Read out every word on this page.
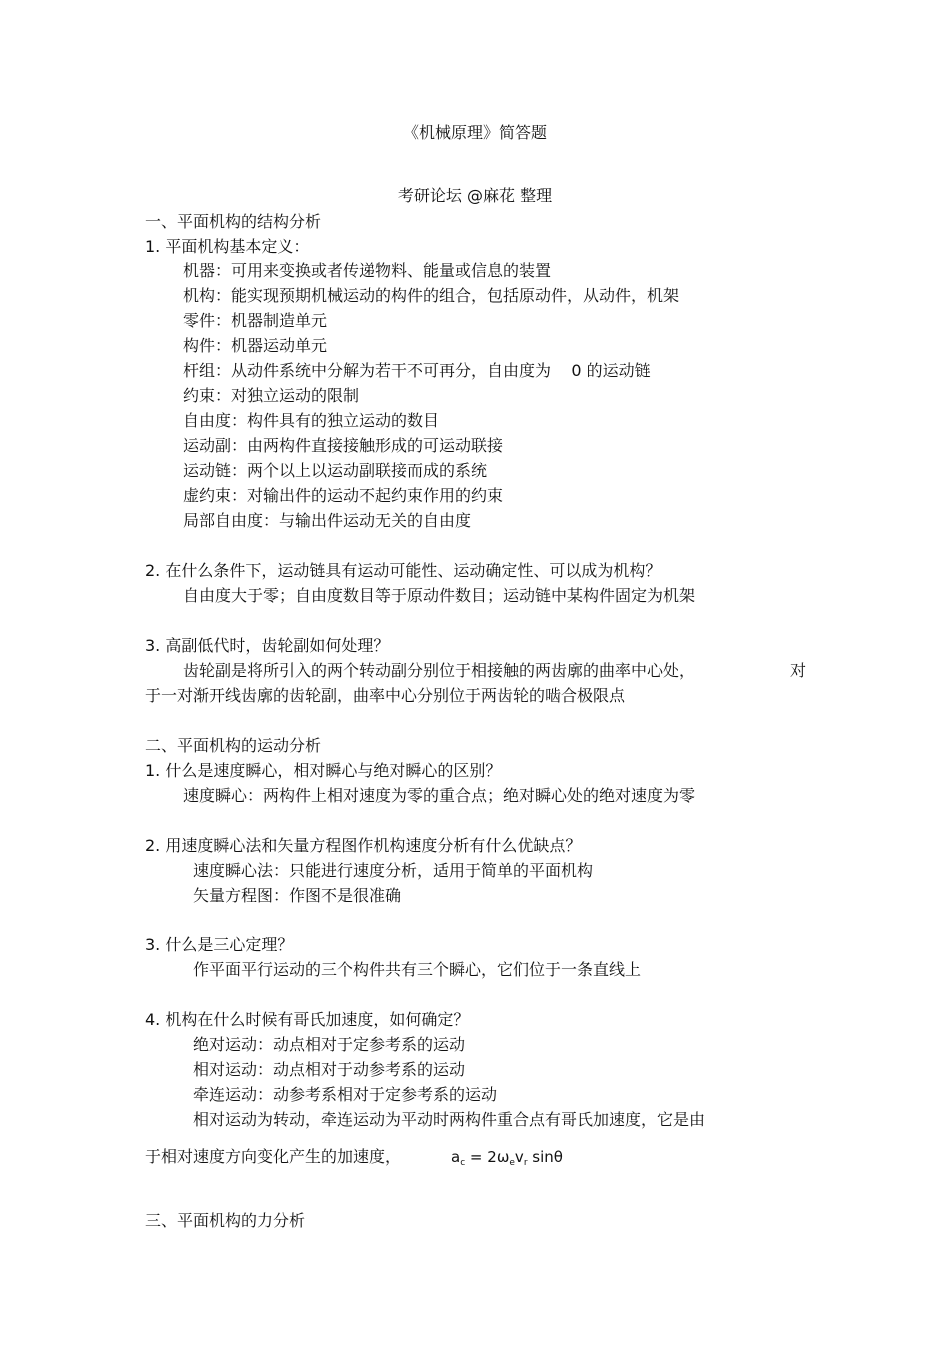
《机械原理》简答题
考研论坛 @麻花 整理
一、平面机构的结构分析
1. 平面机构基本定义：
机器：可用来变换或者传递物料、能量或信息的装置
机构：能实现预期机械运动的构件的组合，包括原动件，从动件，机架
零件：机器制造单元
构件：机器运动单元
杆组：从动件系统中分解为若干不可再分，自由度为    0 的运动链
约束：对独立运动的限制
自由度：构件具有的独立运动的数目
运动副：由两构件直接接触形成的可运动联接
运动链：两个以上以运动副联接而成的系统
虚约束：对输出件的运动不起约束作用的约束
局部自由度：与输出件运动无关的自由度
2. 在什么条件下，运动链具有运动可能性、运动确定性、可以成为机构？
自由度大于零；自由度数目等于原动件数目；运动链中某构件固定为机架
3. 高副低代时，齿轮副如何处理？
齿轮副是将所引入的两个转动副分别位于相接触的两齿廓的曲率中心处，	对
于一对渐开线齿廓的齿轮副，曲率中心分别位于两齿轮的啮合极限点
二、平面机构的运动分析
1. 什么是速度瞬心，相对瞬心与绝对瞬心的区别？
速度瞬心：两构件上相对速度为零的重合点；绝对瞬心处的绝对速度为零
2. 用速度瞬心法和矢量方程图作机构速度分析有什么优缺点？
速度瞬心法：只能进行速度分析，适用于简单的平面机构
矢量方程图：作图不是很准确
3. 什么是三心定理？
作平面平行运动的三个构件共有三个瞬心，它们位于一条直线上
4. 机构在什么时候有哥氏加速度，如何确定？
绝对运动：动点相对于定参考系的运动
相对运动：动点相对于动参考系的运动
牵连运动：动参考系相对于定参考系的运动
相对运动为转动，牵连运动为平动时两构件重合点有哥氏加速度，它是由
于相对速度方向变化产生的加速度，	$a_c = 2\omega_ev_r$ sinθ
三、平面机构的力分析
